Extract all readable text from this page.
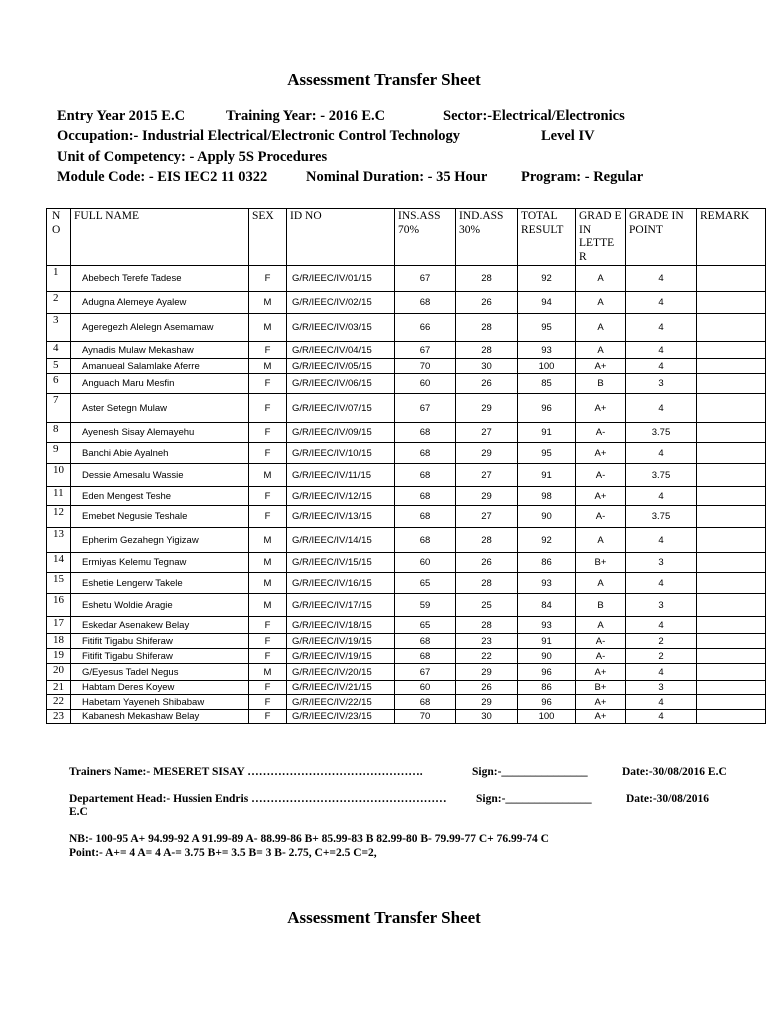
Assessment Transfer Sheet
Entry Year 2015 E.C	Training Year: - 2016 E.C	Sector:-Electrical/Electronics
Occupation:- Industrial Electrical/Electronic Control Technology	Level IV
Unit of Competency: - Apply 5S Procedures
Module Code: - EIS IEC2 11 0322	Nominal Duration: - 35 Hour Program: - Regular
N O	FULL NAME	SEX	ID NO	INS.ASS 70%	IND.ASS 30%	TOTAL RESULT	GRAD E IN LETTE R	GRADE IN POINT	REMARK
1	Abebech Terefe Tadese	F	G/R/IEEC/IV/01/15	67	28	92	A	4	
2	Adugna Alemeye Ayalew	M	G/R/IEEC/IV/02/15	68	26	94	A	4	
3	Ageregezh Alelegn Asemamaw	M	G/R/IEEC/IV/03/15	66	28	95	A	4	
4	Aynadis Mulaw Mekashaw	F	G/R/IEEC/IV/04/15	67	28	93	A	4	
5	Amanueal Salamlake Aferre	M	G/R/IEEC/IV/05/15	70	30	100	A+	4	
6	Anguach Maru Mesfin	F	G/R/IEEC/IV/06/15	60	26	85	B	3	
7	Aster Setegn Mulaw	F	G/R/IEEC/IV/07/15	67	29	96	A+	4	
8	Ayenesh Sisay Alemayehu	F	G/R/IEEC/IV/09/15	68	27	91	A-	3.75	
9	Banchi Abie Ayalneh	F	G/R/IEEC/IV/10/15	68	29	95	A+	4	
10	Dessie Amesalu Wassie	M	G/R/IEEC/IV/11/15	68	27	91	A-	3.75	
11	Eden Mengest Teshe	F	G/R/IEEC/IV/12/15	68	29	98	A+	4	
12	Emebet Negusie Teshale	F	G/R/IEEC/IV/13/15	68	27	90	A-	3.75	
13	Epherim Gezahegn Yigizaw	M	G/R/IEEC/IV/14/15	68	28	92	A	4	
14	Ermiyas Kelemu Tegnaw	M	G/R/IEEC/IV/15/15	60	26	86	B+	3	
15	Eshetie Lengerw Takele	M	G/R/IEEC/IV/16/15	65	28	93	A	4	
16	Eshetu Woldie Aragie	M	G/R/IEEC/IV/17/15	59	25	84	B	3	
17	Eskedar Asenakew Belay	F	G/R/IEEC/IV/18/15	65	28	93	A	4	
18	Fitifit Tigabu Shiferaw	F	G/R/IEEC/IV/19/15	68	23	91	A-	2	
19	Fitifit Tigabu Shiferaw	F	G/R/IEEC/IV/19/15	68	22	90	A-	2	
20	G/Eyesus Tadel Negus	M	G/R/IEEC/IV/20/15	67	29	96	A+	4	
21	Habtam Deres Koyew	F	G/R/IEEC/IV/21/15	60	26	86	B+	3	
22	Habetam Yayeneh Shibabaw	F	G/R/IEEC/IV/22/15	68	29	96	A+	4	
23	Kabanesh Mekashaw Belay	F	G/R/IEEC/IV/23/15	70	30	100	A+	4	
Trainers Name:- MESERET SISAY ……………………………………….	Sign:-_______________	Date:-30/08/2016 E.C
Departement Head:- Hussien Endris ……………………………………………	Sign:-_______________	Date:-30/08/2016
E.C
NB:- 100-95 A+ 94.99-92 A 91.99-89 A- 88.99-86 B+ 85.99-83 B 82.99-80 B- 79.99-77 C+ 76.99-74 C
Point:- A+= 4 A= 4 A-= 3.75 B+= 3.5 B= 3 B- 2.75, C+=2.5 C=2,
Assessment Transfer Sheet
